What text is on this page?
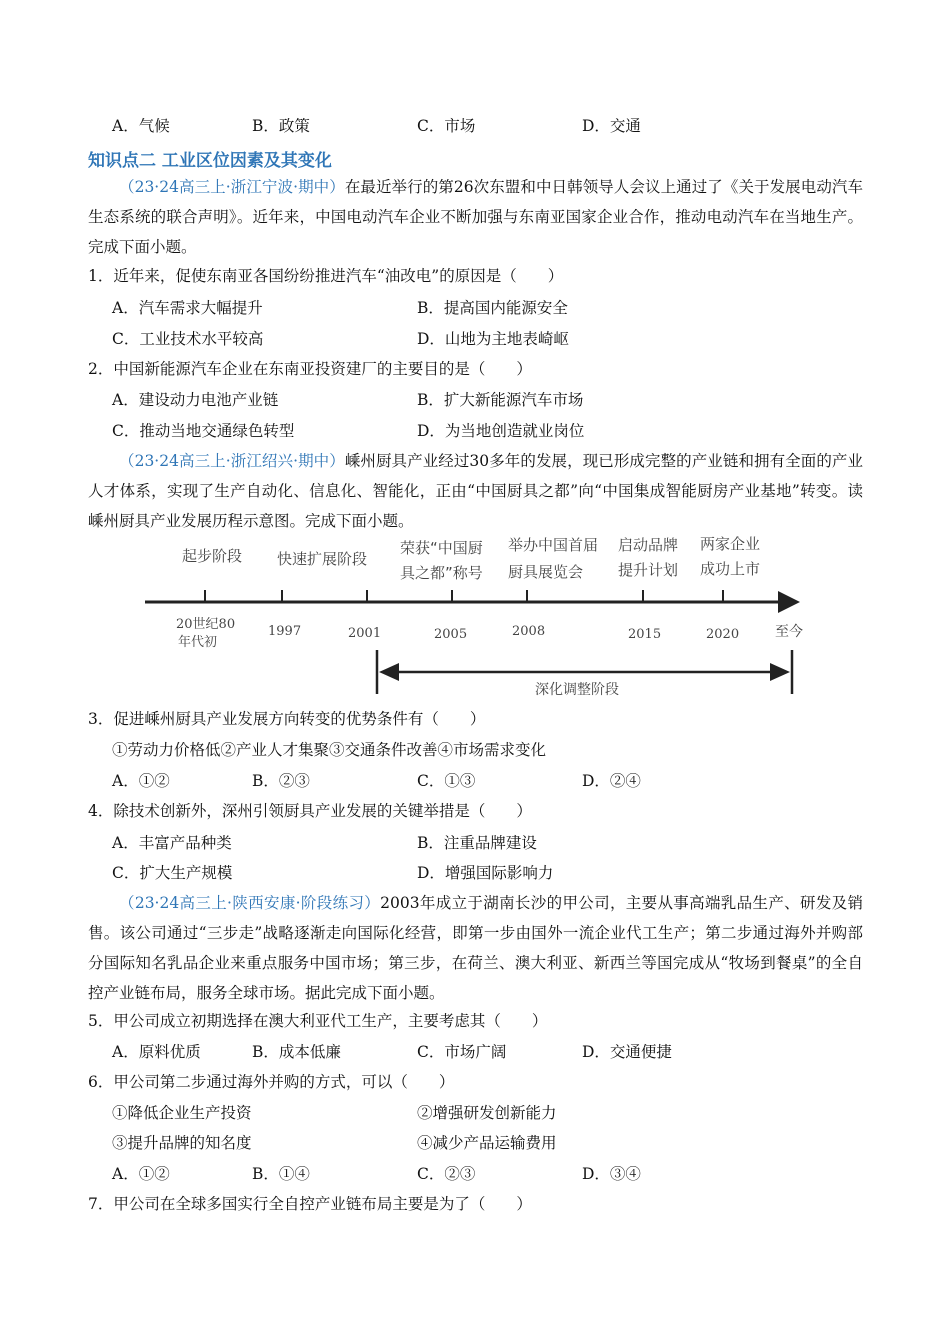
A．气候	B．政策	C．市场	D．交通
知识点二 工业区位因素及其变化

（23·24高三上·浙江宁波·期中）在最近举行的第26次东盟和中日韩领导人会议上通过了《关于发展电动汽车生态系统的联合声明》。近年来，中国电动汽车企业不断加强与东南亚国家企业合作，推动电动汽车在当地生产。完成下面小题。

1．近年来，促使东南亚各国纷纷推进汽车“油改电”的原因是（　　）
A．汽车需求大幅提升	B．提高国内能源安全
C．工业技术水平较高	D．山地为主地表崎岖
2．中国新能源汽车企业在东南亚投资建厂的主要目的是（　　）
A．建设动力电池产业链	B．扩大新能源汽车市场
C．推动当地交通绿色转型	D．为当地创造就业岗位

（23·24高三上·浙江绍兴·期中）嵊州厨具产业经过30多年的发展，现已形成完整的产业链和拥有全面的产业人才体系，实现了生产自动化、信息化、智能化，正由“中国厨具之都”向“中国集成智能厨房产业基地”转变。读嵊州厨具产业发展历程示意图。完成下面小题。

起步阶段 快速扩展阶段
荣获“中国厨
具之都”称号
举办中国首届
厨具展览会
启动品牌
提升计划
两家企业
成功上市
20世纪80
年代初
1997	2001	2005	2008	2015	2020	至今
深化调整阶段
3．促进嵊州厨具产业发展方向转变的优势条件有（　　）
①劳动力价格低②产业人才集聚③交通条件改善④市场需求变化
A．①②	B．②③	C．①③	D．②④
4．除技术创新外，深州引领厨具产业发展的关键举措是（　　）
A．丰富产品种类	B．注重品牌建设
C．扩大生产规模	D．增强国际影响力

（23·24高三上·陕西安康·阶段练习）2003年成立于湖南长沙的甲公司，主要从事高端乳品生产、研发及销售。该公司通过“三步走”战略逐渐走向国际化经营，即第一步由国外一流企业代工生产；第二步通过海外并购部分国际知名乳品企业来重点服务中国市场；第三步，在荷兰、澳大利亚、新西兰等国完成从“牧场到餐桌”的全自控产业链布局，服务全球市场。据此完成下面小题。

5．甲公司成立初期选择在澳大利亚代工生产，主要考虑其（　　）
A．原料优质	B．成本低廉	C．市场广阔	D．交通便捷
6．甲公司第二步通过海外并购的方式，可以（　　）
①降低企业生产投资	②增强研发创新能力
③提升品牌的知名度	④减少产品运输费用
A．①②	B．①④	C．②③	D．③④
7．甲公司在全球多国实行全自控产业链布局主要是为了（　　）
